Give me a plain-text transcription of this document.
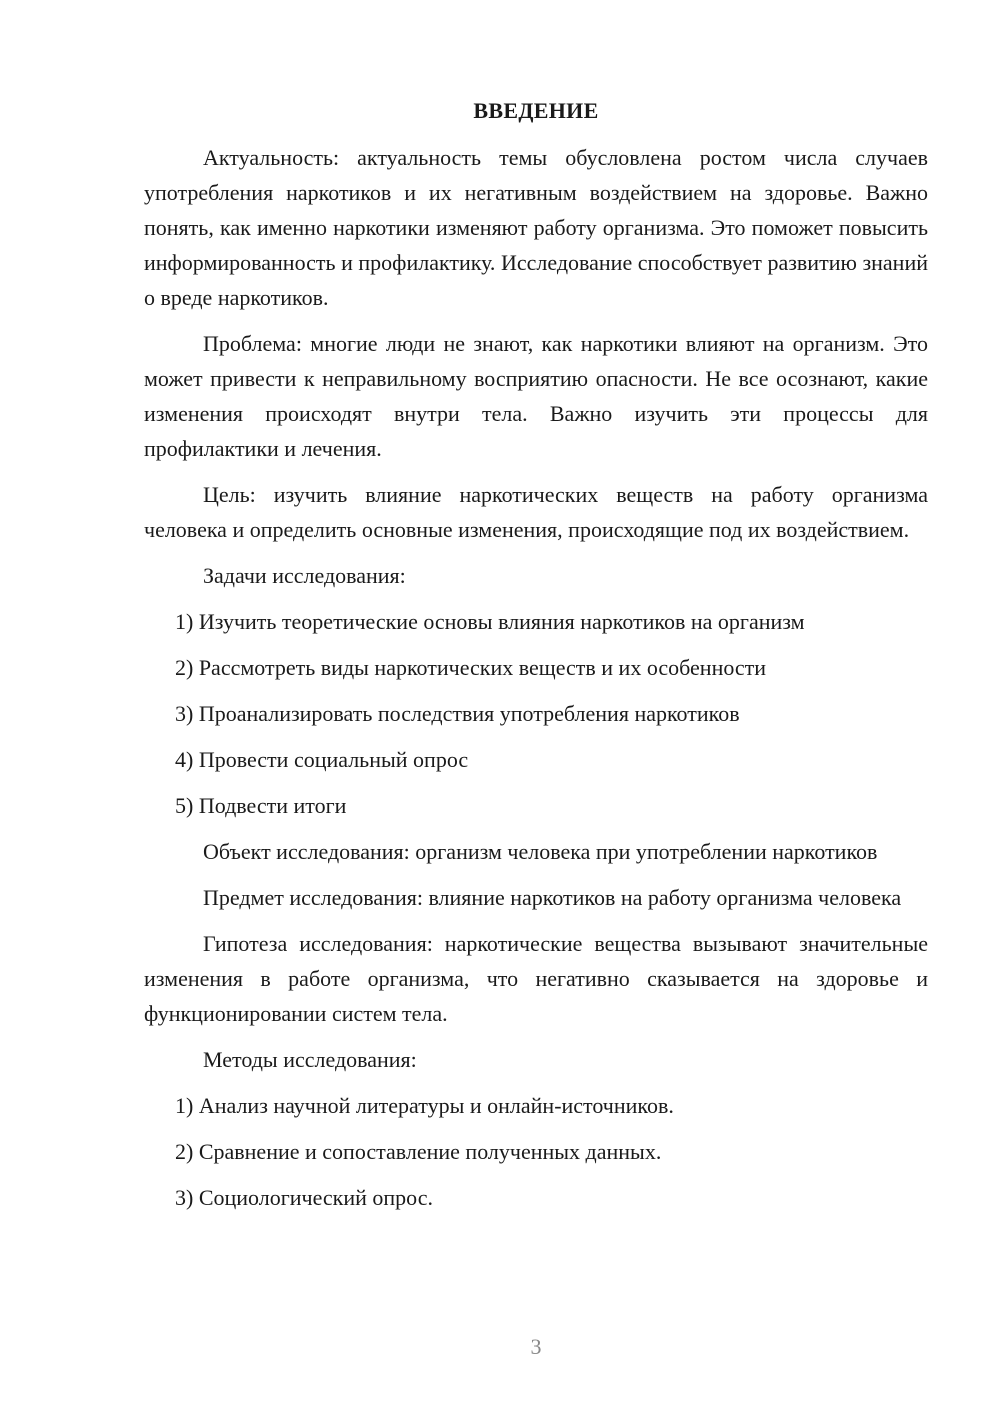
ВВЕДЕНИЕ

Актуальность: актуальность темы обусловлена ростом числа случаев употребления наркотиков и их негативным воздействием на здоровье. Важно понять, как именно наркотики изменяют работу организма. Это поможет повысить информированность и профилактику. Исследование способствует развитию знаний о вреде наркотиков.

Проблема: многие люди не знают, как наркотики влияют на организм. Это может привести к неправильному восприятию опасности. Не все осознают, какие изменения происходят внутри тела. Важно изучить эти процессы для профилактики и лечения.

Цель: изучить влияние наркотических веществ на работу организма человека и определить основные изменения, происходящие под их воздействием.

Задачи исследования:

1) Изучить теоретические основы влияния наркотиков на организм
2) Рассмотреть виды наркотических веществ и их особенности
3) Проанализировать последствия употребления наркотиков
4) Провести социальный опрос
5) Подвести итоги

Объект исследования: организм человека при употреблении наркотиков

Предмет исследования: влияние наркотиков на работу организма человека

Гипотеза исследования: наркотические вещества вызывают значительные изменения в работе организма, что негативно сказывается на здоровье и функционировании систем тела.

Методы исследования:

1) Анализ научной литературы и онлайн-источников.
2) Сравнение и сопоставление полученных данных.
3) Социологический опрос.
3
